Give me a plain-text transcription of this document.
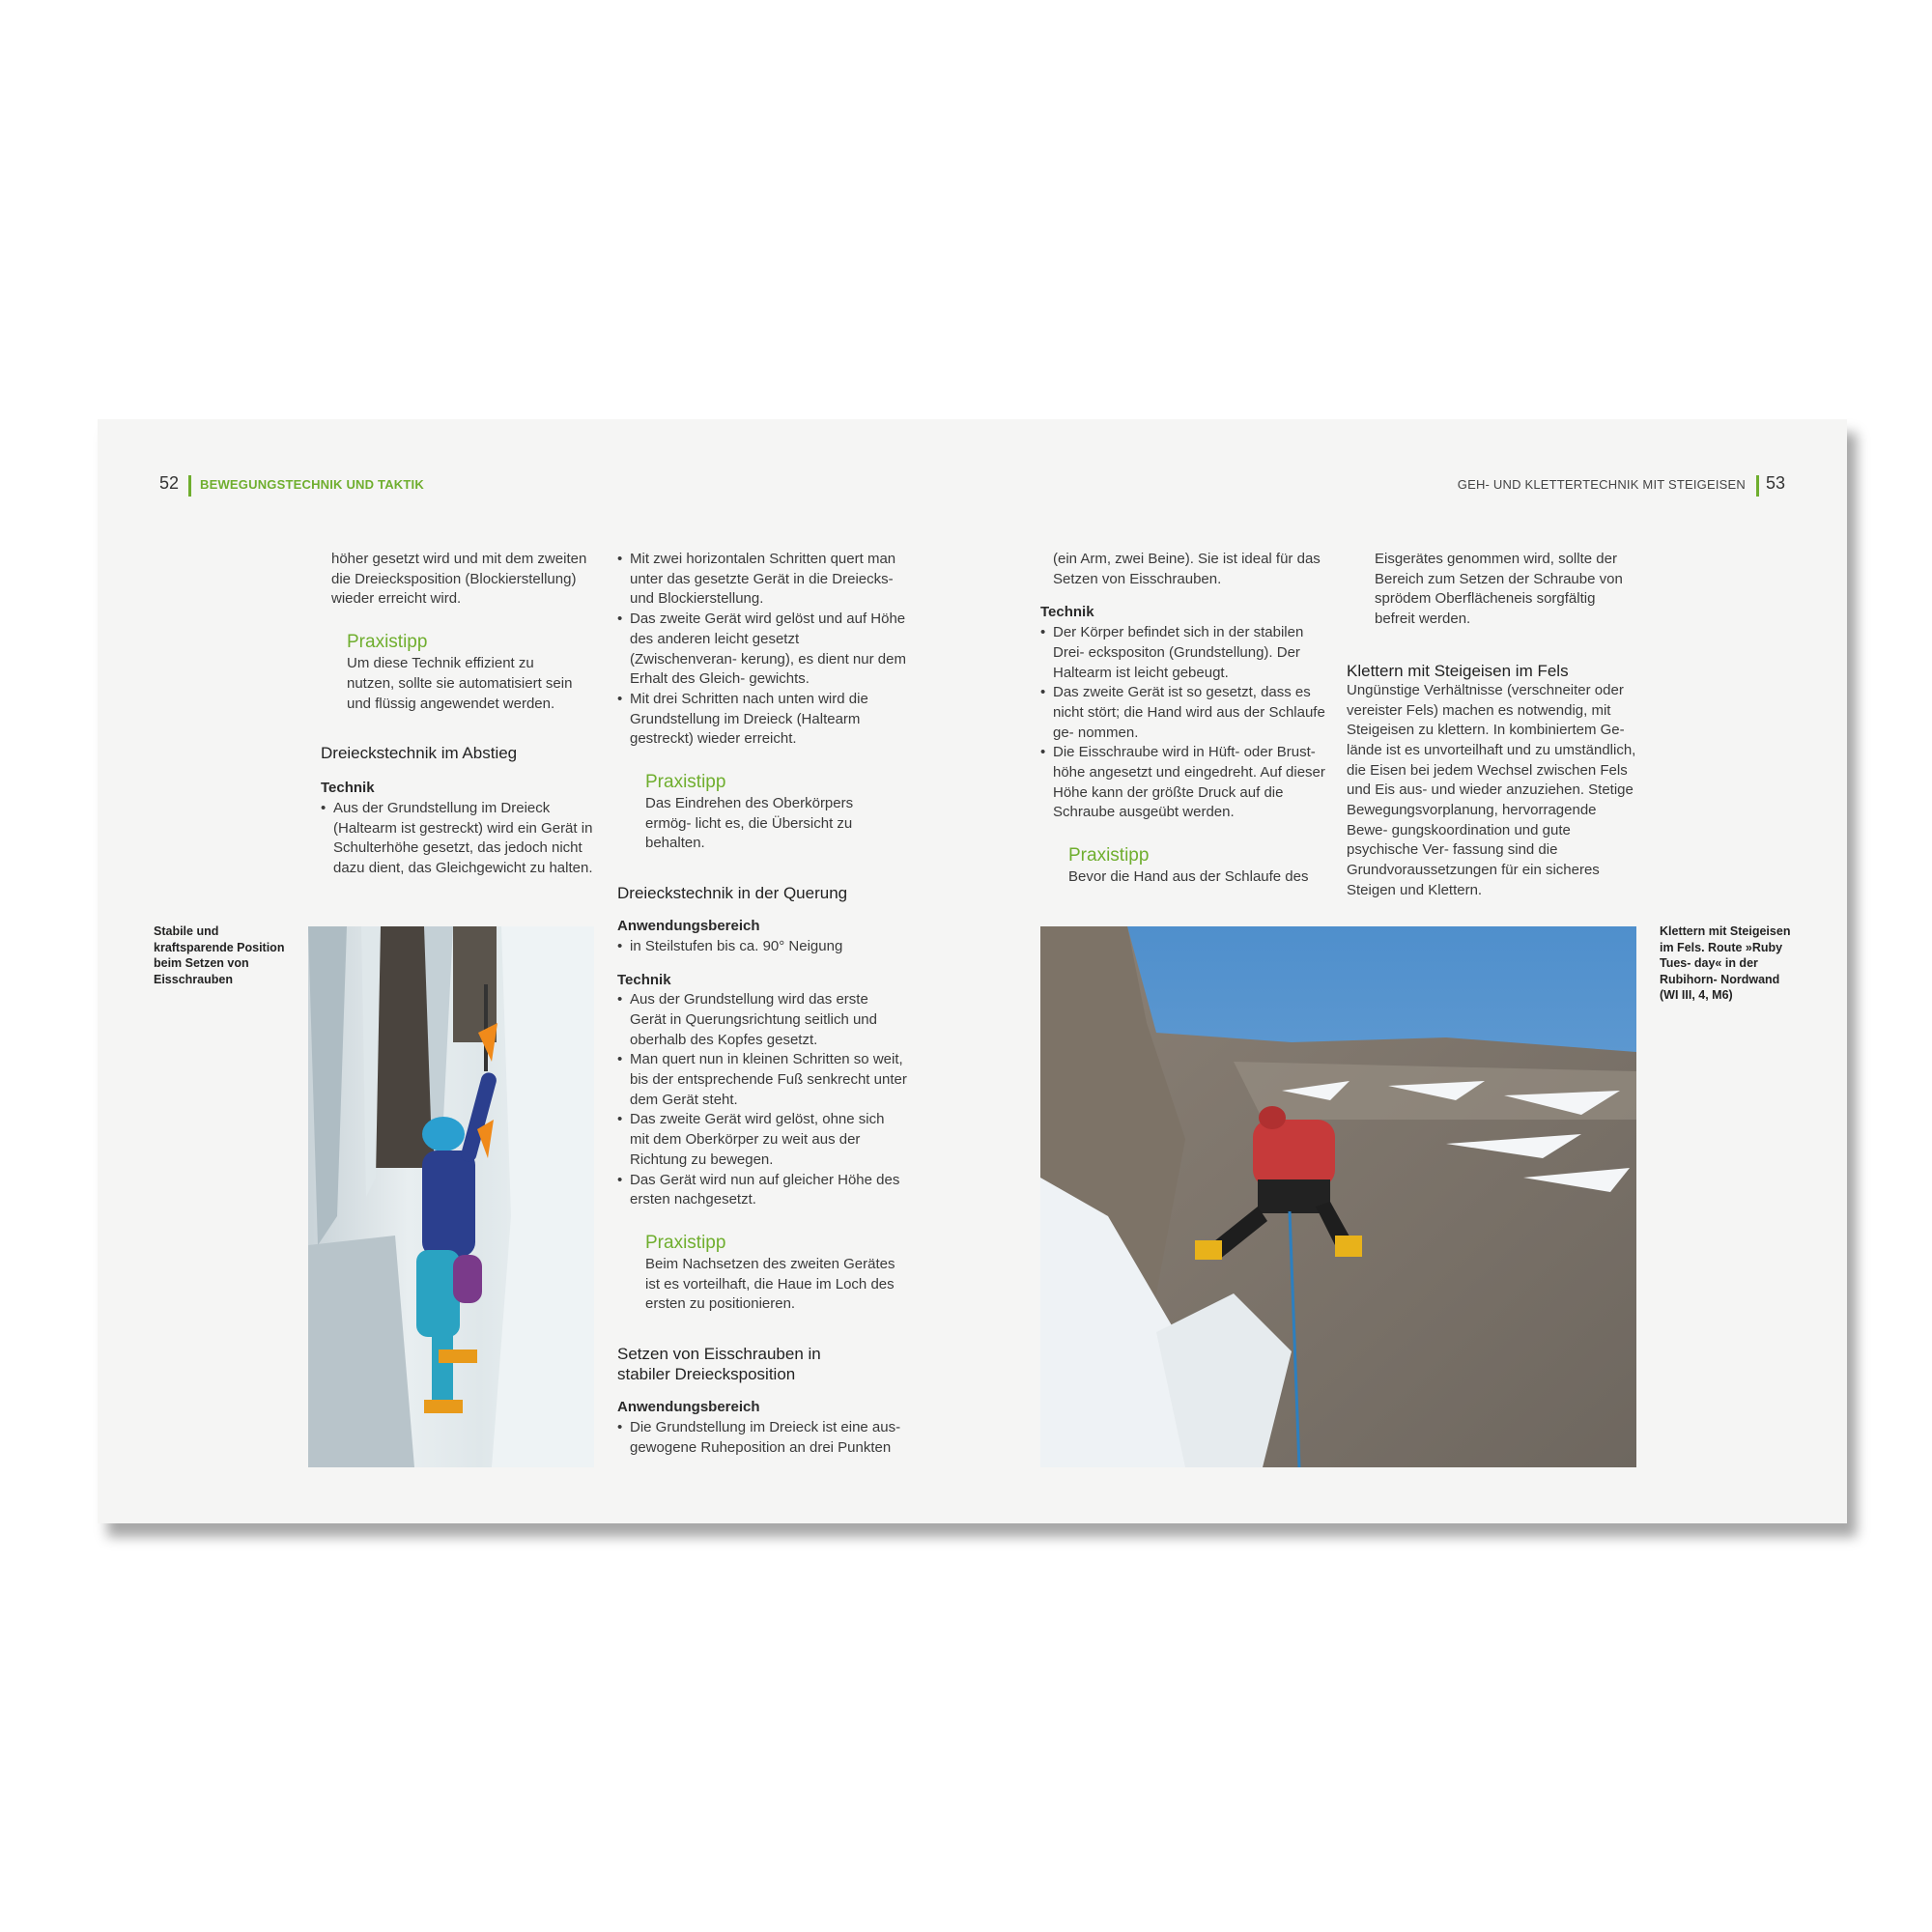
52 BEWEGUNGSTECHNIK UND TAKTIK	GEH- UND KLETTERTECHNIK MIT STEIGEISEN 53

höher gesetzt wird und mit dem zweiten die Dreiecksposition (Blockierstellung) wieder erreicht wird.

Praxistipp

Um diese Technik effizient zu nutzen, sollte sie automatisiert sein und flüssig angewendet werden.

Dreieckstechnik im Abstieg

Technik

• Aus der Grundstellung im Dreieck (Haltearm ist gestreckt) wird ein Gerät in Schulterhöhe gesetzt, das jedoch nicht dazu dient, das Gleichgewicht zu halten.
Stabile und kraftsparende Position beim Setzen von Eisschrauben
• Mit zwei horizontalen Schritten quert man unter das gesetzte Gerät in die Dreiecks- und Blockierstellung.
• Das zweite Gerät wird gelöst und auf Höhe des anderen leicht gesetzt (Zwischenveran- kerung), es dient nur dem Erhalt des Gleich- gewichts.
• Mit drei Schritten nach unten wird die Grundstellung im Dreieck (Haltearm gestreckt) wieder erreicht.

Praxistipp

Das Eindrehen des Oberkörpers ermög- licht es, die Übersicht zu behalten.

Dreieckstechnik in der Querung

Anwendungsbereich

• in Steilstufen bis ca. 90° Neigung

Technik

• Aus der Grundstellung wird das erste Gerät in Querungsrichtung seitlich und oberhalb des Kopfes gesetzt.
• Man quert nun in kleinen Schritten so weit, bis der entsprechende Fuß senkrecht unter dem Gerät steht.
• Das zweite Gerät wird gelöst, ohne sich mit dem Oberkörper zu weit aus der Richtung zu bewegen.
• Das Gerät wird nun auf gleicher Höhe des ersten nachgesetzt.

Praxistipp

Beim Nachsetzen des zweiten Gerätes ist es vorteilhaft, die Haue im Loch des ersten zu positionieren.

Setzen von Eisschrauben in stabiler Dreiecksposition

Anwendungsbereich

• Die Grundstellung im Dreieck ist eine aus- gewogene Ruheposition an drei Punkten

(ein Arm, zwei Beine). Sie ist ideal für das Setzen von Eisschrauben.

Technik

• Der Körper befindet sich in der stabilen Drei- eckspositon (Grundstellung). Der Haltearm ist leicht gebeugt.
• Das zweite Gerät ist so gesetzt, dass es nicht stört; die Hand wird aus der Schlaufe ge- nommen.
• Die Eisschraube wird in Hüft- oder Brust- höhe angesetzt und eingedreht. Auf dieser Höhe kann der größte Druck auf die Schraube ausgeübt werden.

Praxistipp

Bevor die Hand aus der Schlaufe des

Eisgerätes genommen wird, sollte der Bereich zum Setzen der Schraube von sprödem Oberflächeneis sorgfältig befreit werden.

Klettern mit Steigeisen im Fels

Ungünstige Verhältnisse (verschneiter oder vereister Fels) machen es notwendig, mit Steigeisen zu klettern. In kombiniertem Ge- lände ist es unvorteilhaft und zu umständlich, die Eisen bei jedem Wechsel zwischen Fels und Eis aus- und wieder anzuziehen. Stetige Bewegungsvorplanung, hervorragende Bewe- gungskoordination und gute psychische Ver- fassung sind die Grundvoraussetzungen für ein sicheres Steigen und Klettern.

Klettern mit Steigeisen im Fels. Route »Ruby Tues- day« in der Rubihorn- Nordwand (WI III, 4, M6)
